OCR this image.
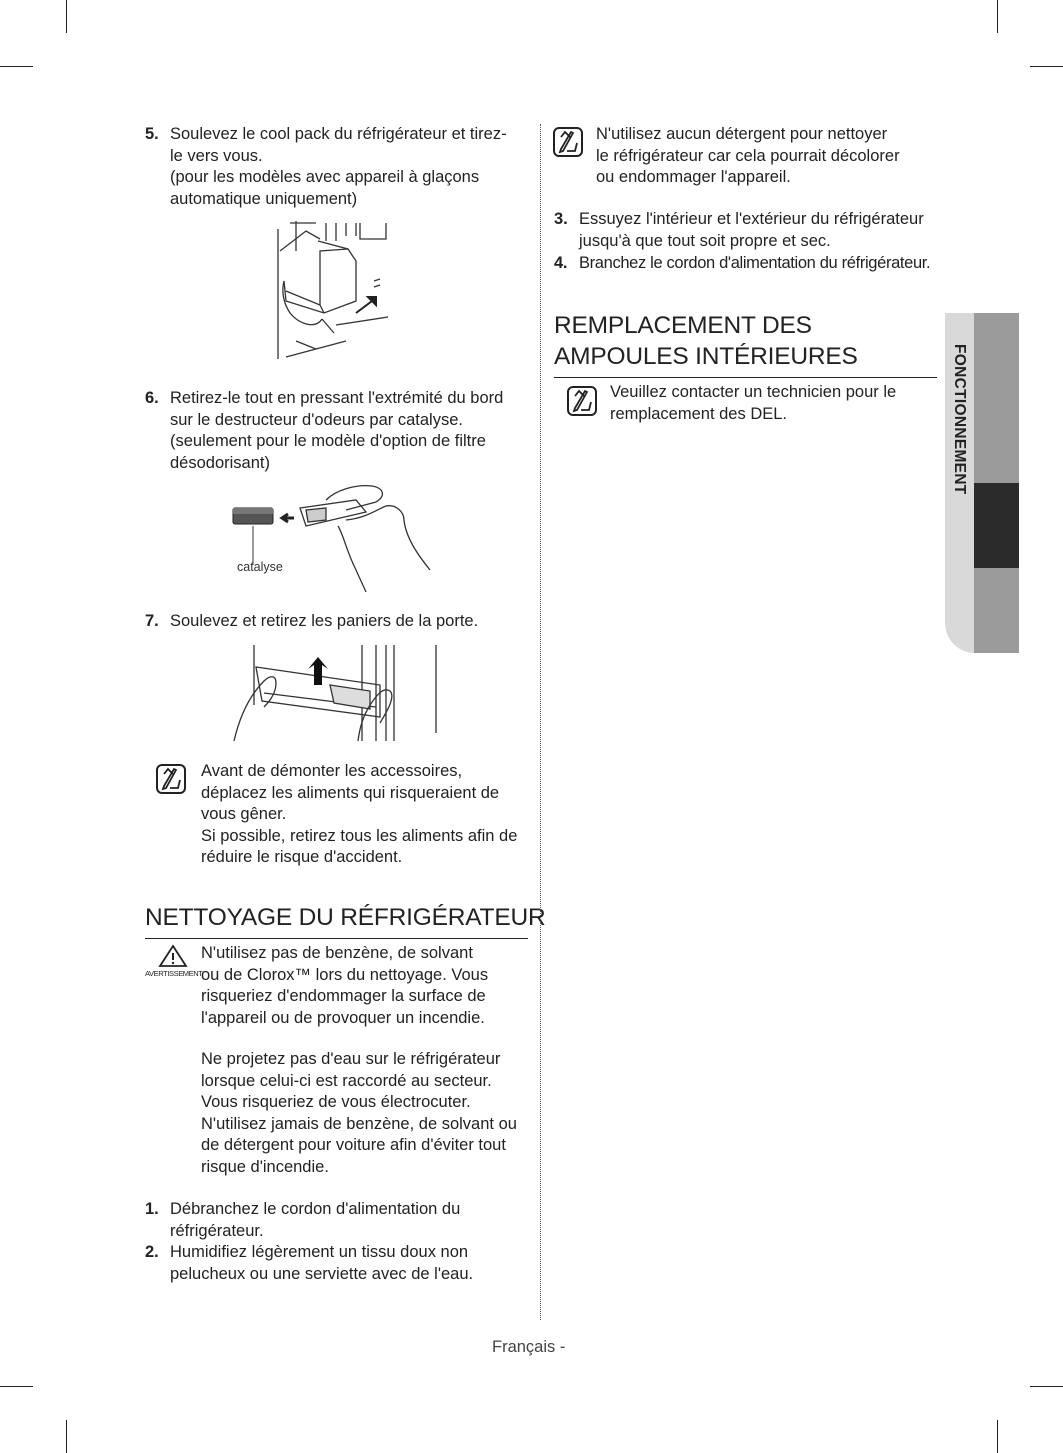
5. Soulevez le cool pack du réfrigérateur et tirez-
le vers vous.
(pour les modèles avec appareil à glaçons
automatique uniquement)
6. Retirez-le tout en pressant l'extrémité du bord
sur le destructeur d'odeurs par catalyse.
(seulement pour le modèle d'option de filtre
désodorisant)
catalyse
7. Soulevez et retirez les paniers de la porte.
Avant de démonter les accessoires,
déplacez les aliments qui risqueraient de
vous gêner.
Si possible, retirez tous les aliments afin de
réduire le risque d'accident.
NETTOYAGE DU RÉFRIGÉRATEUR
AVERTISSEMENT
N'utilisez pas de benzène, de solvant
ou de Clorox™ lors du nettoyage. Vous
risqueriez d'endommager la surface de
l'appareil ou de provoquer un incendie.
Ne projetez pas d'eau sur le réfrigérateur
lorsque celui-ci est raccordé au secteur.
Vous risqueriez de vous électrocuter.
N'utilisez jamais de benzène, de solvant ou
de détergent pour voiture afin d'éviter tout
risque d'incendie.
1. Débranchez le cordon d'alimentation du
réfrigérateur.
2. Humidifiez légèrement un tissu doux non
pelucheux ou une serviette avec de l'eau.
N'utilisez aucun détergent pour nettoyer
le réfrigérateur car cela pourrait décolorer
ou endommager l'appareil.
3. Essuyez l'intérieur et l'extérieur du réfrigérateur
jusqu'à que tout soit propre et sec.
4. Branchez le cordon d'alimentation du réfrigérateur.
REMPLACEMENT DES
AMPOULES INTÉRIEURES
Veuillez contacter un technicien pour le
remplacement des DEL.	FONCTIONNEMENT
Français -
